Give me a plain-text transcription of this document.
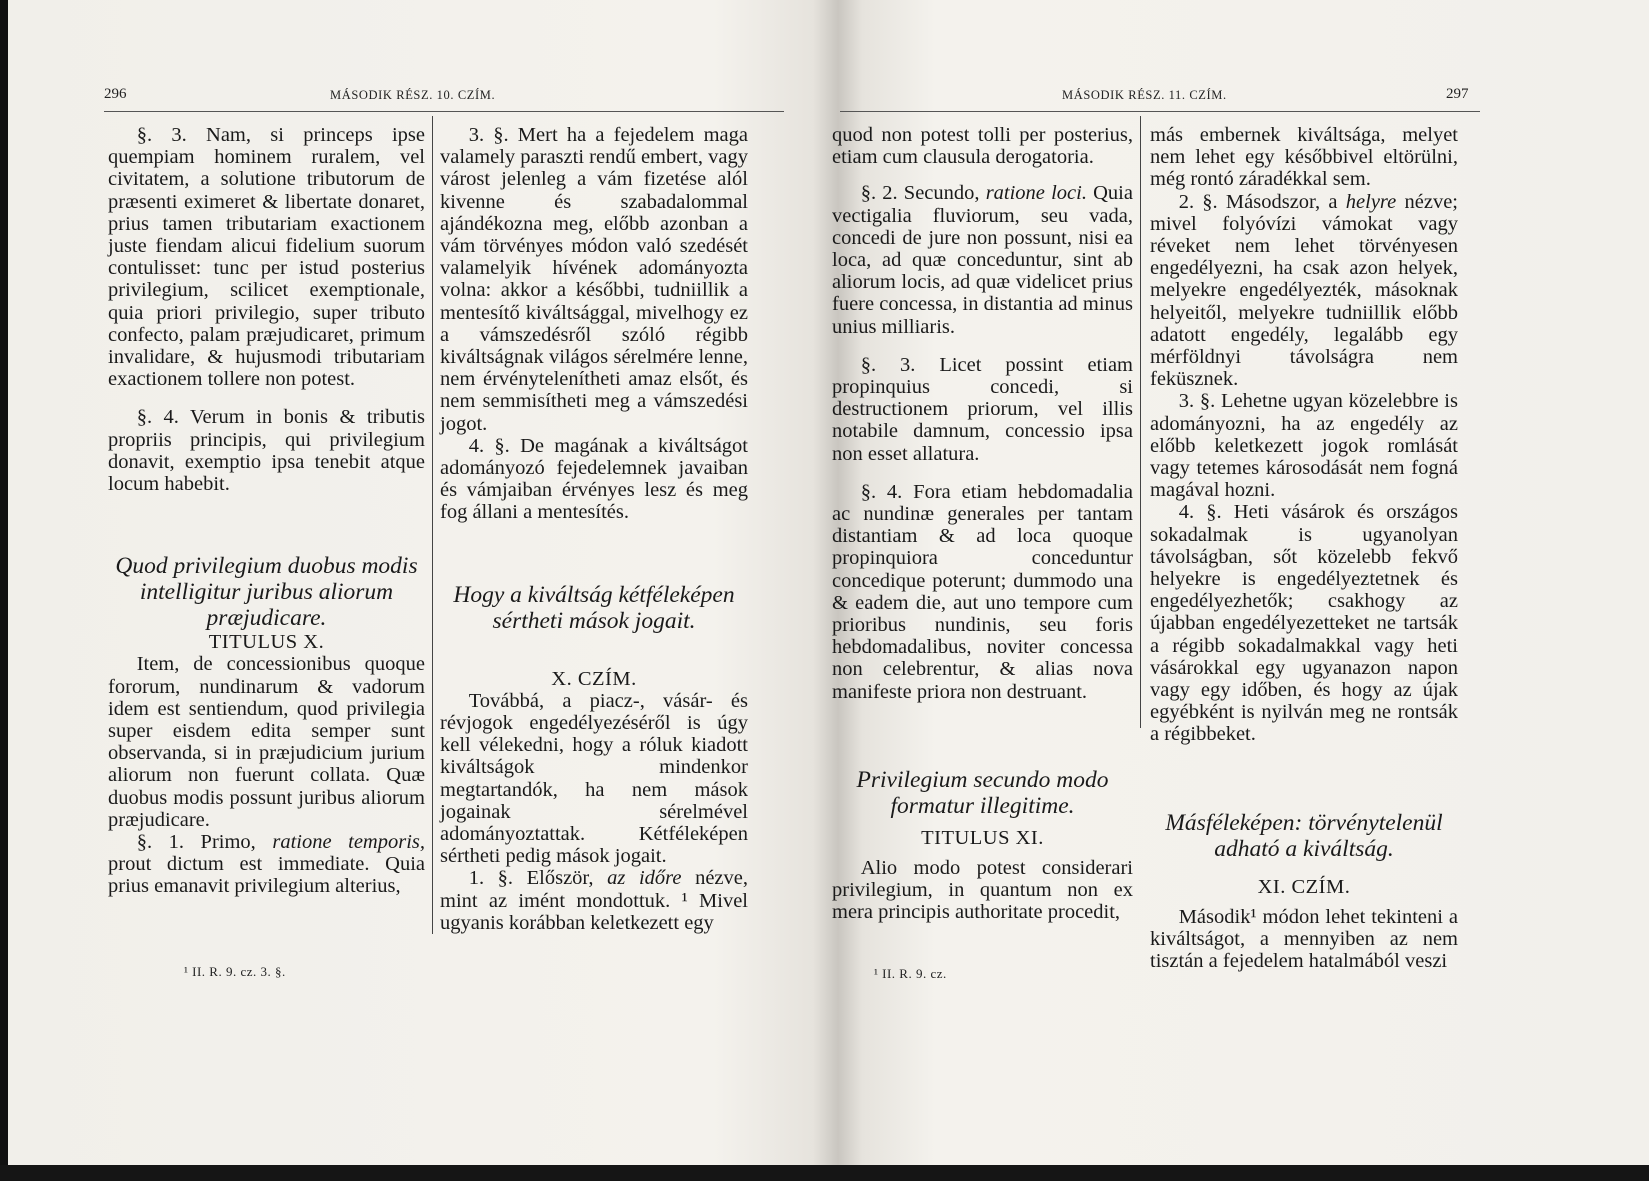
296	MÁSODIK RÉSZ. 10. CZÍM.

§. 3. Nam, si princeps ipse quempiam hominem ruralem, vel civitatem, a solutione tributorum de præsenti eximeret & libertate donaret, prius tamen tributariam exactionem juste fiendam alicui fidelium suorum contulisset: tunc per istud posterius privilegium, scilicet exemptionale, quia priori privilegio, super tributo confecto, palam præjudicaret, primum invalidare, & hujusmodi tributariam exactionem tollere non potest.

§. 4. Verum in bonis & tributis propriis principis, qui privilegium donavit, exemptio ipsa tenebit atque locum habebit.

Quod privilegium duobus modis intelligitur juribus aliorum præjudicare.

TITULUS X.

Item, de concessionibus quoque fororum, nundinarum & vadorum idem est sentiendum, quod privilegia super eisdem edita semper sunt observanda, si in præjudicium jurium aliorum non fuerunt collata. Quæ duobus modis possunt juribus aliorum præjudicare.

§. 1. Primo, ratione temporis, prout dictum est immediate. Quia prius emanavit privilegium alterius,

3. §. Mert ha a fejedelem maga valamely paraszti rendű embert, vagy várost jelenleg a vám fizetése alól kivenne és szabadalommal ajándékozna meg, előbb azonban a vám törvényes módon való szedését valamelyik hívének adományozta volna: akkor a későbbi, tudniillik a mentesítő kiváltsággal, mivelhogy ez a vámszedésről szóló régibb kiváltságnak világos sérelmére lenne, nem érvényteleníthetі amaz elsőt, és nem semmisítheti meg a vámszedési jogot.

4. §. De magának a kiváltságot adományozó fejedelemnek javaiban és vámjaiban érvényes lesz és meg fog állani a mentesítés.

Hogy a kiváltság kétféleképen sértheti mások jogait.

X. CZÍM.

Továbbá, a piacz-, vásár- és révjogok engedélyezéséről is úgy kell vélekedni, hogy a róluk kiadott kiváltságok mindenkor megtartandók, ha nem mások jogainak sérelmével adományoztattak. Kétféleképen sértheti pedig mások jogait.

1. §. Először, az időre nézve, mint az imént mondottuk. ¹ Mivel ugyanis korábban keletkezett egy

¹ II. R. 9. cz. 3. §.
MÁSODIK RÉSZ. 11. CZÍM.	297

quod non potest tolli per posterius, etiam cum clausula derogatoria.

§. 2. Secundo, ratione loci. Quia vectigalia fluviorum, seu vada, concedi de jure non possunt, nisi ea loca, ad quæ conceduntur, sint ab aliorum locis, ad quæ videlicet prius fuere concessa, in distantia ad minus unius milliaris.

§. 3. Licet possint etiam propinquius concedi, si destructionem priorum, vel illis notabile damnum, concessio ipsa non esset allatura.

§. 4. Fora etiam hebdomadalia ac nundinæ generales per tantam distantiam & ad loca quoque propinquiora conceduntur concedique poterunt; dummodo una & eadem die, aut uno tempore cum prioribus nundinis, seu foris hebdomadalibus, noviter concessa non celebrentur, & alias nova manifeste priora non destruant.

Privilegium secundo modo formatur illegitime.

TITULUS XI.

Alio modo potest considerari privilegium, in quantum non ex mera principis authoritate procedit,

más embernek kiváltsága, melyet nem lehet egy későbbivel eltörülni, még rontó záradékkal sem.

2. §. Másodszor, a helyre nézve; mivel folyóvízi vámokat vagy réveket nem lehet törvényesen engedélyezni, ha csak azon helyek, melyekre engedélyezték, másoknak helyeitől, melyekre tudniillik előbb adatott engedély, legalább egy mérföldnyi távolságra nem feküsznek.

3. §. Lehetne ugyan közelebbre is adományozni, ha az engedély az előbb keletkezett jogok romlását vagy tetemes károsodását nem fogná magával hozni.

4. §. Heti vásárok és országos sokadalmak is ugyanolyan távolságban, sőt közelebb fekvő helyekre is engedélyeztetnek és engedélyezhetők; csakhogy az újabban engedélyezetteket ne tartsák a régibb sokadalmakkal vagy heti vásárokkal egy ugyanazon napon vagy egy időben, és hogy az újak egyébként is nyilván meg ne rontsák a régibbeket.

Másféleképen: törvénytelenül adható a kiváltság.

XI. CZÍM.

Második¹ módon lehet tekinteni a kiváltságot, a mennyiben az nem tisztán a fejedelem hatalmából veszi

¹ II. R. 9. cz.
